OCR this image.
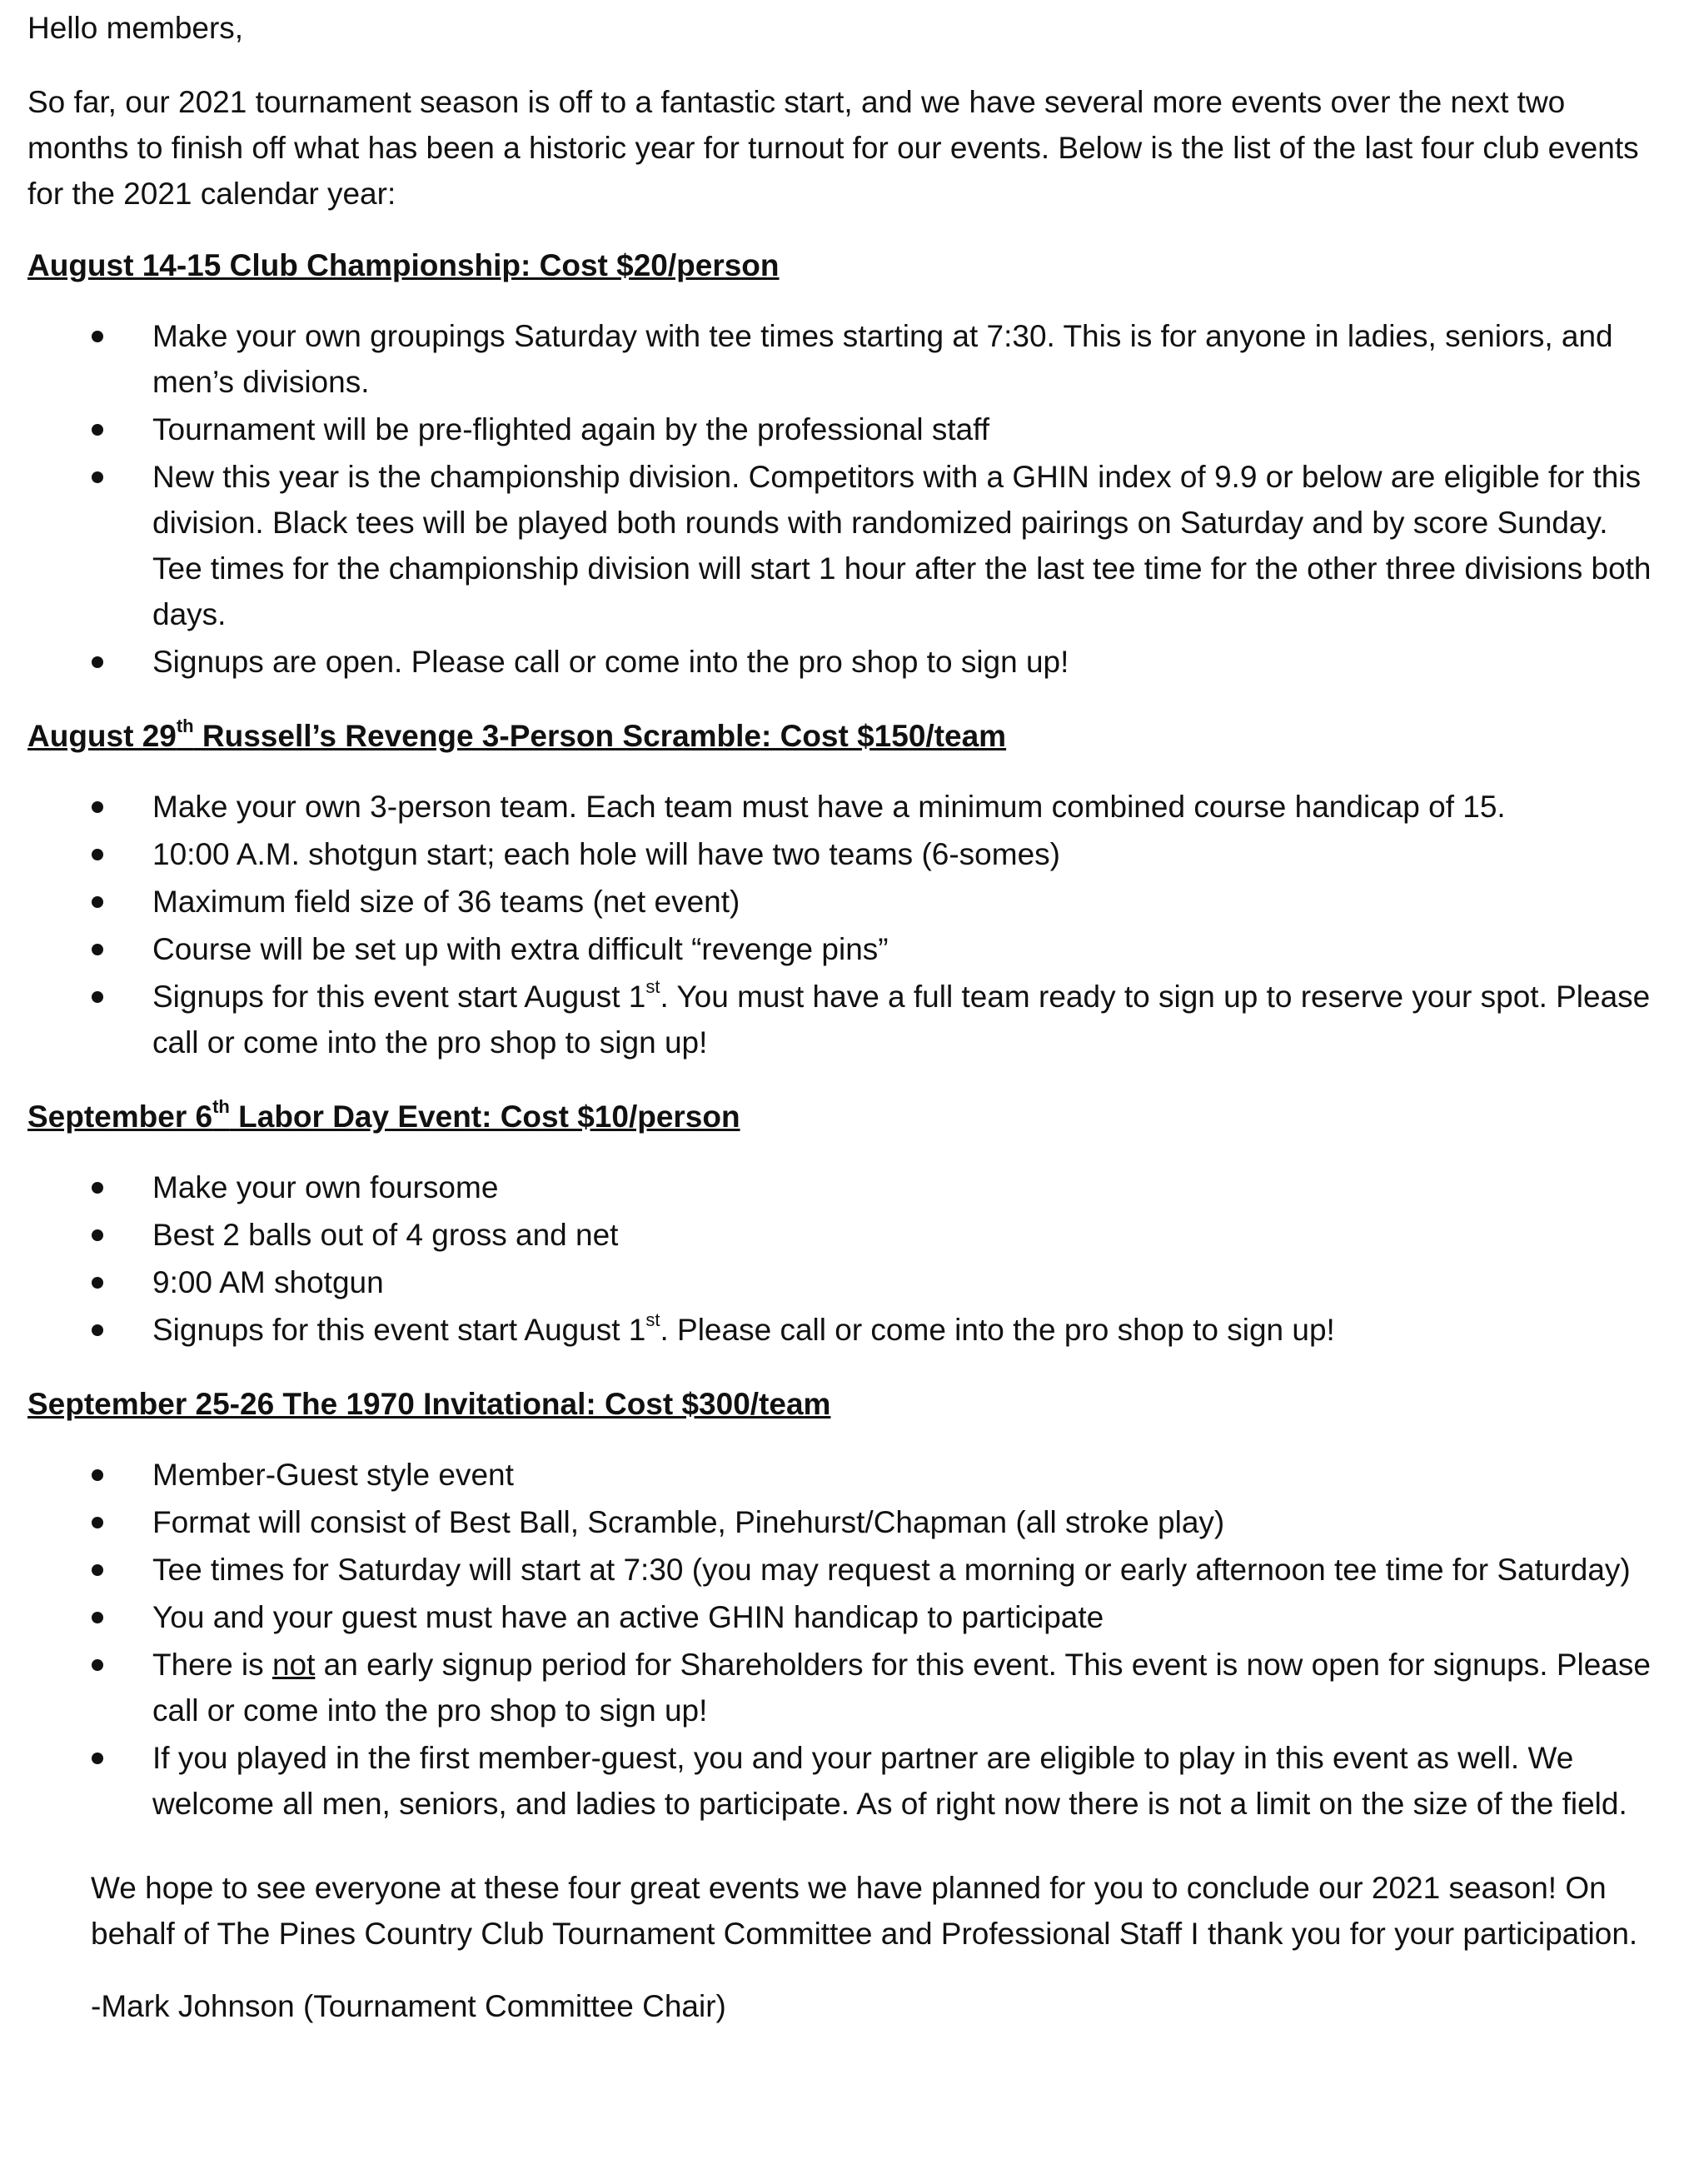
Hello members,

So far, our 2021 tournament season is off to a fantastic start, and we have several more events over the next two months to finish off what has been a historic year for turnout for our events. Below is the list of the last four club events for the 2021 calendar year:

August 14-15 Club Championship: Cost $20/person

Make your own groupings Saturday with tee times starting at 7:30. This is for anyone in ladies, seniors, and men’s divisions.
Tournament will be pre-flighted again by the professional staff
New this year is the championship division. Competitors with a GHIN index of 9.9 or below are eligible for this division. Black tees will be played both rounds with randomized pairings on Saturday and by score Sunday. Tee times for the championship division will start 1 hour after the last tee time for the other three divisions both days.
Signups are open. Please call or come into the pro shop to sign up!

August 29th Russell’s Revenge 3-Person Scramble: Cost $150/team

Make your own 3-person team. Each team must have a minimum combined course handicap of 15.
10:00 A.M. shotgun start; each hole will have two teams (6-somes)
Maximum field size of 36 teams (net event)
Course will be set up with extra difficult “revenge pins”
Signups for this event start August 1st. You must have a full team ready to sign up to reserve your spot. Please call or come into the pro shop to sign up!

September 6th Labor Day Event: Cost $10/person

Make your own foursome
Best 2 balls out of 4 gross and net
9:00 AM shotgun
Signups for this event start August 1st. Please call or come into the pro shop to sign up!

September 25-26 The 1970 Invitational: Cost $300/team

Member-Guest style event
Format will consist of Best Ball, Scramble, Pinehurst/Chapman (all stroke play)
Tee times for Saturday will start at 7:30 (you may request a morning or early afternoon tee time for Saturday)
You and your guest must have an active GHIN handicap to participate
There is not an early signup period for Shareholders for this event. This event is now open for signups. Please call or come into the pro shop to sign up!
If you played in the first member-guest, you and your partner are eligible to play in this event as well. We welcome all men, seniors, and ladies to participate. As of right now there is not a limit on the size of the field.

We hope to see everyone at these four great events we have planned for you to conclude our 2021 season! On behalf of The Pines Country Club Tournament Committee and Professional Staff I thank you for your participation.

-Mark Johnson (Tournament Committee Chair)
